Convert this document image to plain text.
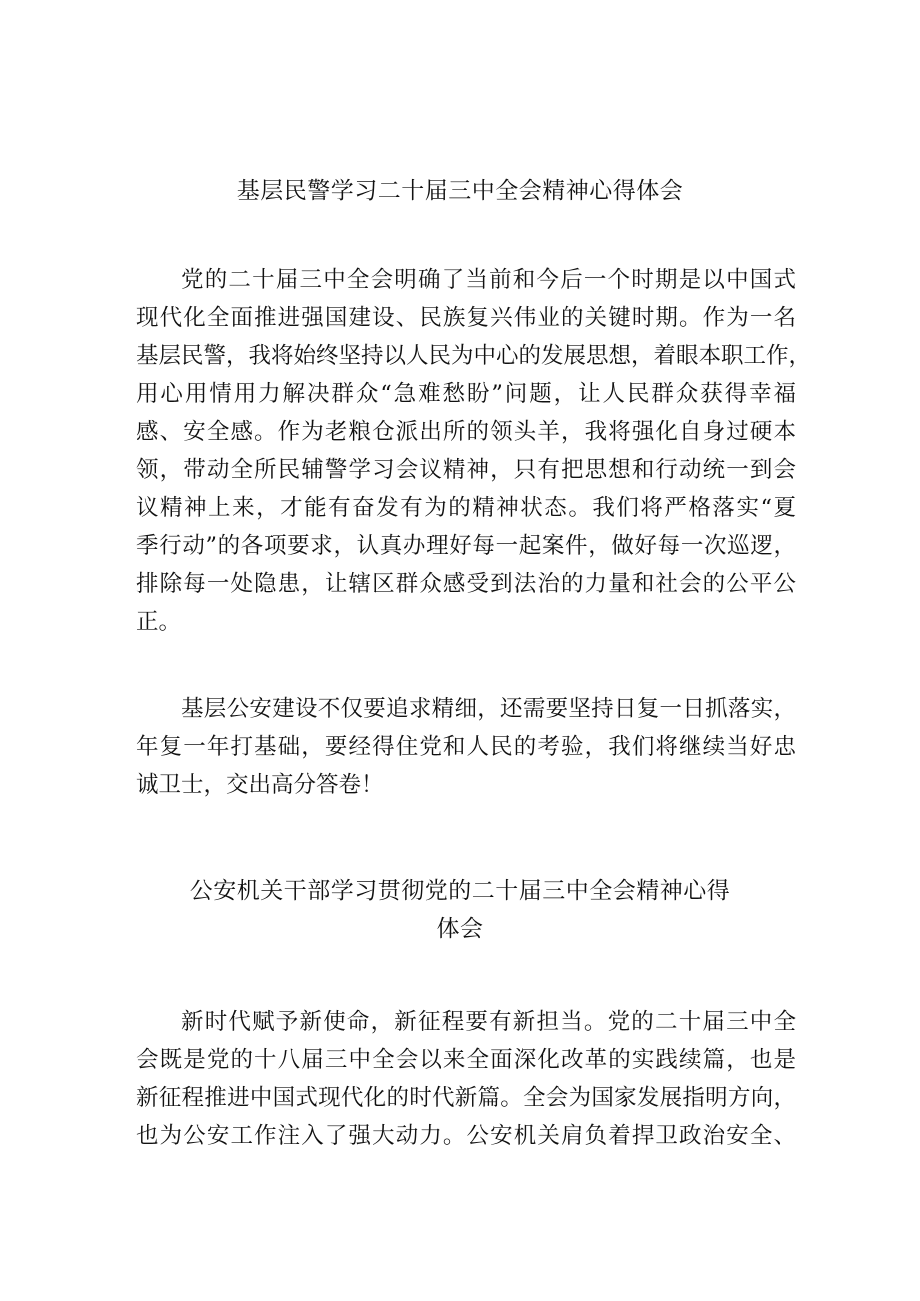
基层民警学习二十届三中全会精神心得体会
党的二十届三中全会明确了当前和今后一个时期是以中国式
现代化全面推进强国建设、民族复兴伟业的关键时期。作为一名
基层民警，我将始终坚持以人民为中心的发展思想，着眼本职工作，
用心用情用力解决群众“急难愁盼”问题，让人民群众获得幸福
感、安全感。作为老粮仓派出所的领头羊，我将强化自身过硬本
领，带动全所民辅警学习会议精神，只有把思想和行动统一到会
议精神上来，才能有奋发有为的精神状态。我们将严格落实“夏
季行动”的各项要求，认真办理好每一起案件，做好每一次巡逻，
排除每一处隐患，让辖区群众感受到法治的力量和社会的公平公
正。
基层公安建设不仅要追求精细，还需要坚持日复一日抓落实，
年复一年打基础，要经得住党和人民的考验，我们将继续当好忠
诚卫士，交出高分答卷！
公安机关干部学习贯彻党的二十届三中全会精神心得
体会
新时代赋予新使命，新征程要有新担当。党的二十届三中全
会既是党的十八届三中全会以来全面深化改革的实践续篇，也是
新征程推进中国式现代化的时代新篇。全会为国家发展指明方向，
也为公安工作注入了强大动力。公安机关肩负着捍卫政治安全、
